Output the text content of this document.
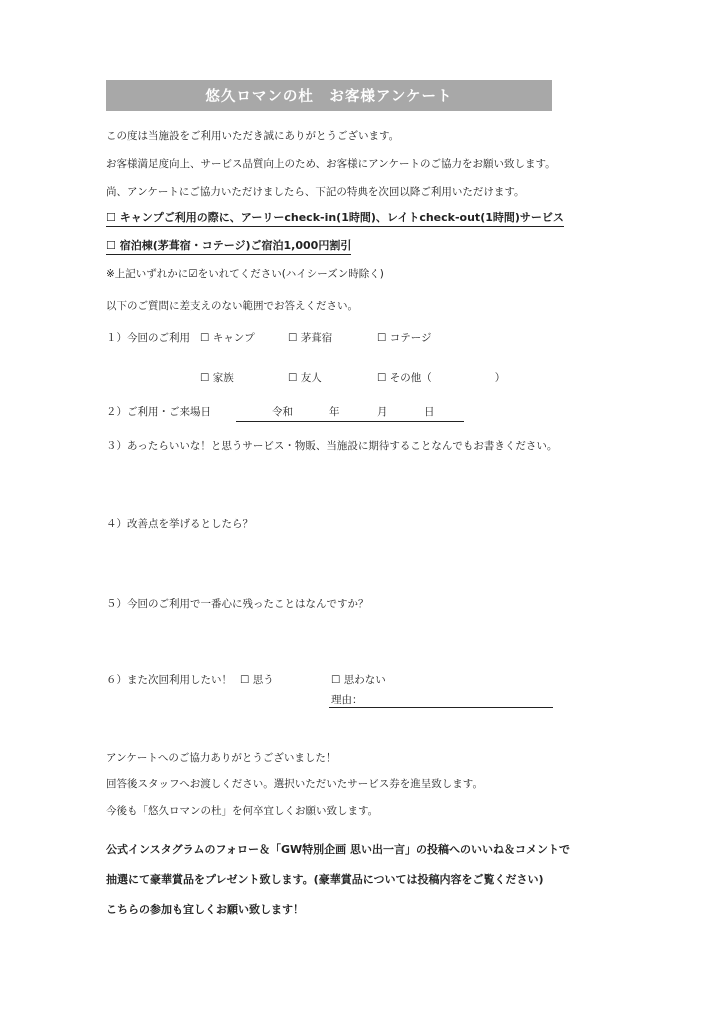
悠久ロマンの杜　お客様アンケート
この度は当施設をご利用いただき誠にありがとうございます。
お客様満足度向上、サービス品質向上のため、お客様にアンケートのご協力をお願い致します。
尚、アンケートにご協力いただけましたら、下記の特典を次回以降ご利用いただけます。
☐ キャンプご利用の際に、アーリーcheck-in(1時間)、レイトcheck-out(1時間)サービス
☐ 宿泊棟(茅葺宿・コテージ)ご宿泊1,000円割引
※上記いずれかに☑をいれてください(ハイシーズン時除く)
以下のご質問に差支えのない範囲でお答えください。
１）今回のご利用 ☐ キャンプ	☐ 茅葺宿	☐ コテージ
☐ 家族	☐ 友人	☐ その他（　　　　　　）
２）ご利用・ご来場日	令和	年	月	日
３）あったらいいな！と思うサービス・物販、当施設に期待することなんでもお書きください。
４）改善点を挙げるとしたら？
５）今回のご利用で一番心に残ったことはなんですか？
６）また次回利用したい！ ☐ 思う	☐ 思わない
理由：
アンケートへのご協力ありがとうございました！
回答後スタッフへお渡しください。選択いただいたサービス券を進呈致します。
今後も「悠久ロマンの杜」を何卒宜しくお願い致します。
公式インスタグラムのフォロー＆「GW特別企画 思い出一言」の投稿へのいいね＆コメントで
抽選にて豪華賞品をプレゼント致します。(豪華賞品については投稿内容をご覧ください)
こちらの参加も宜しくお願い致します！
